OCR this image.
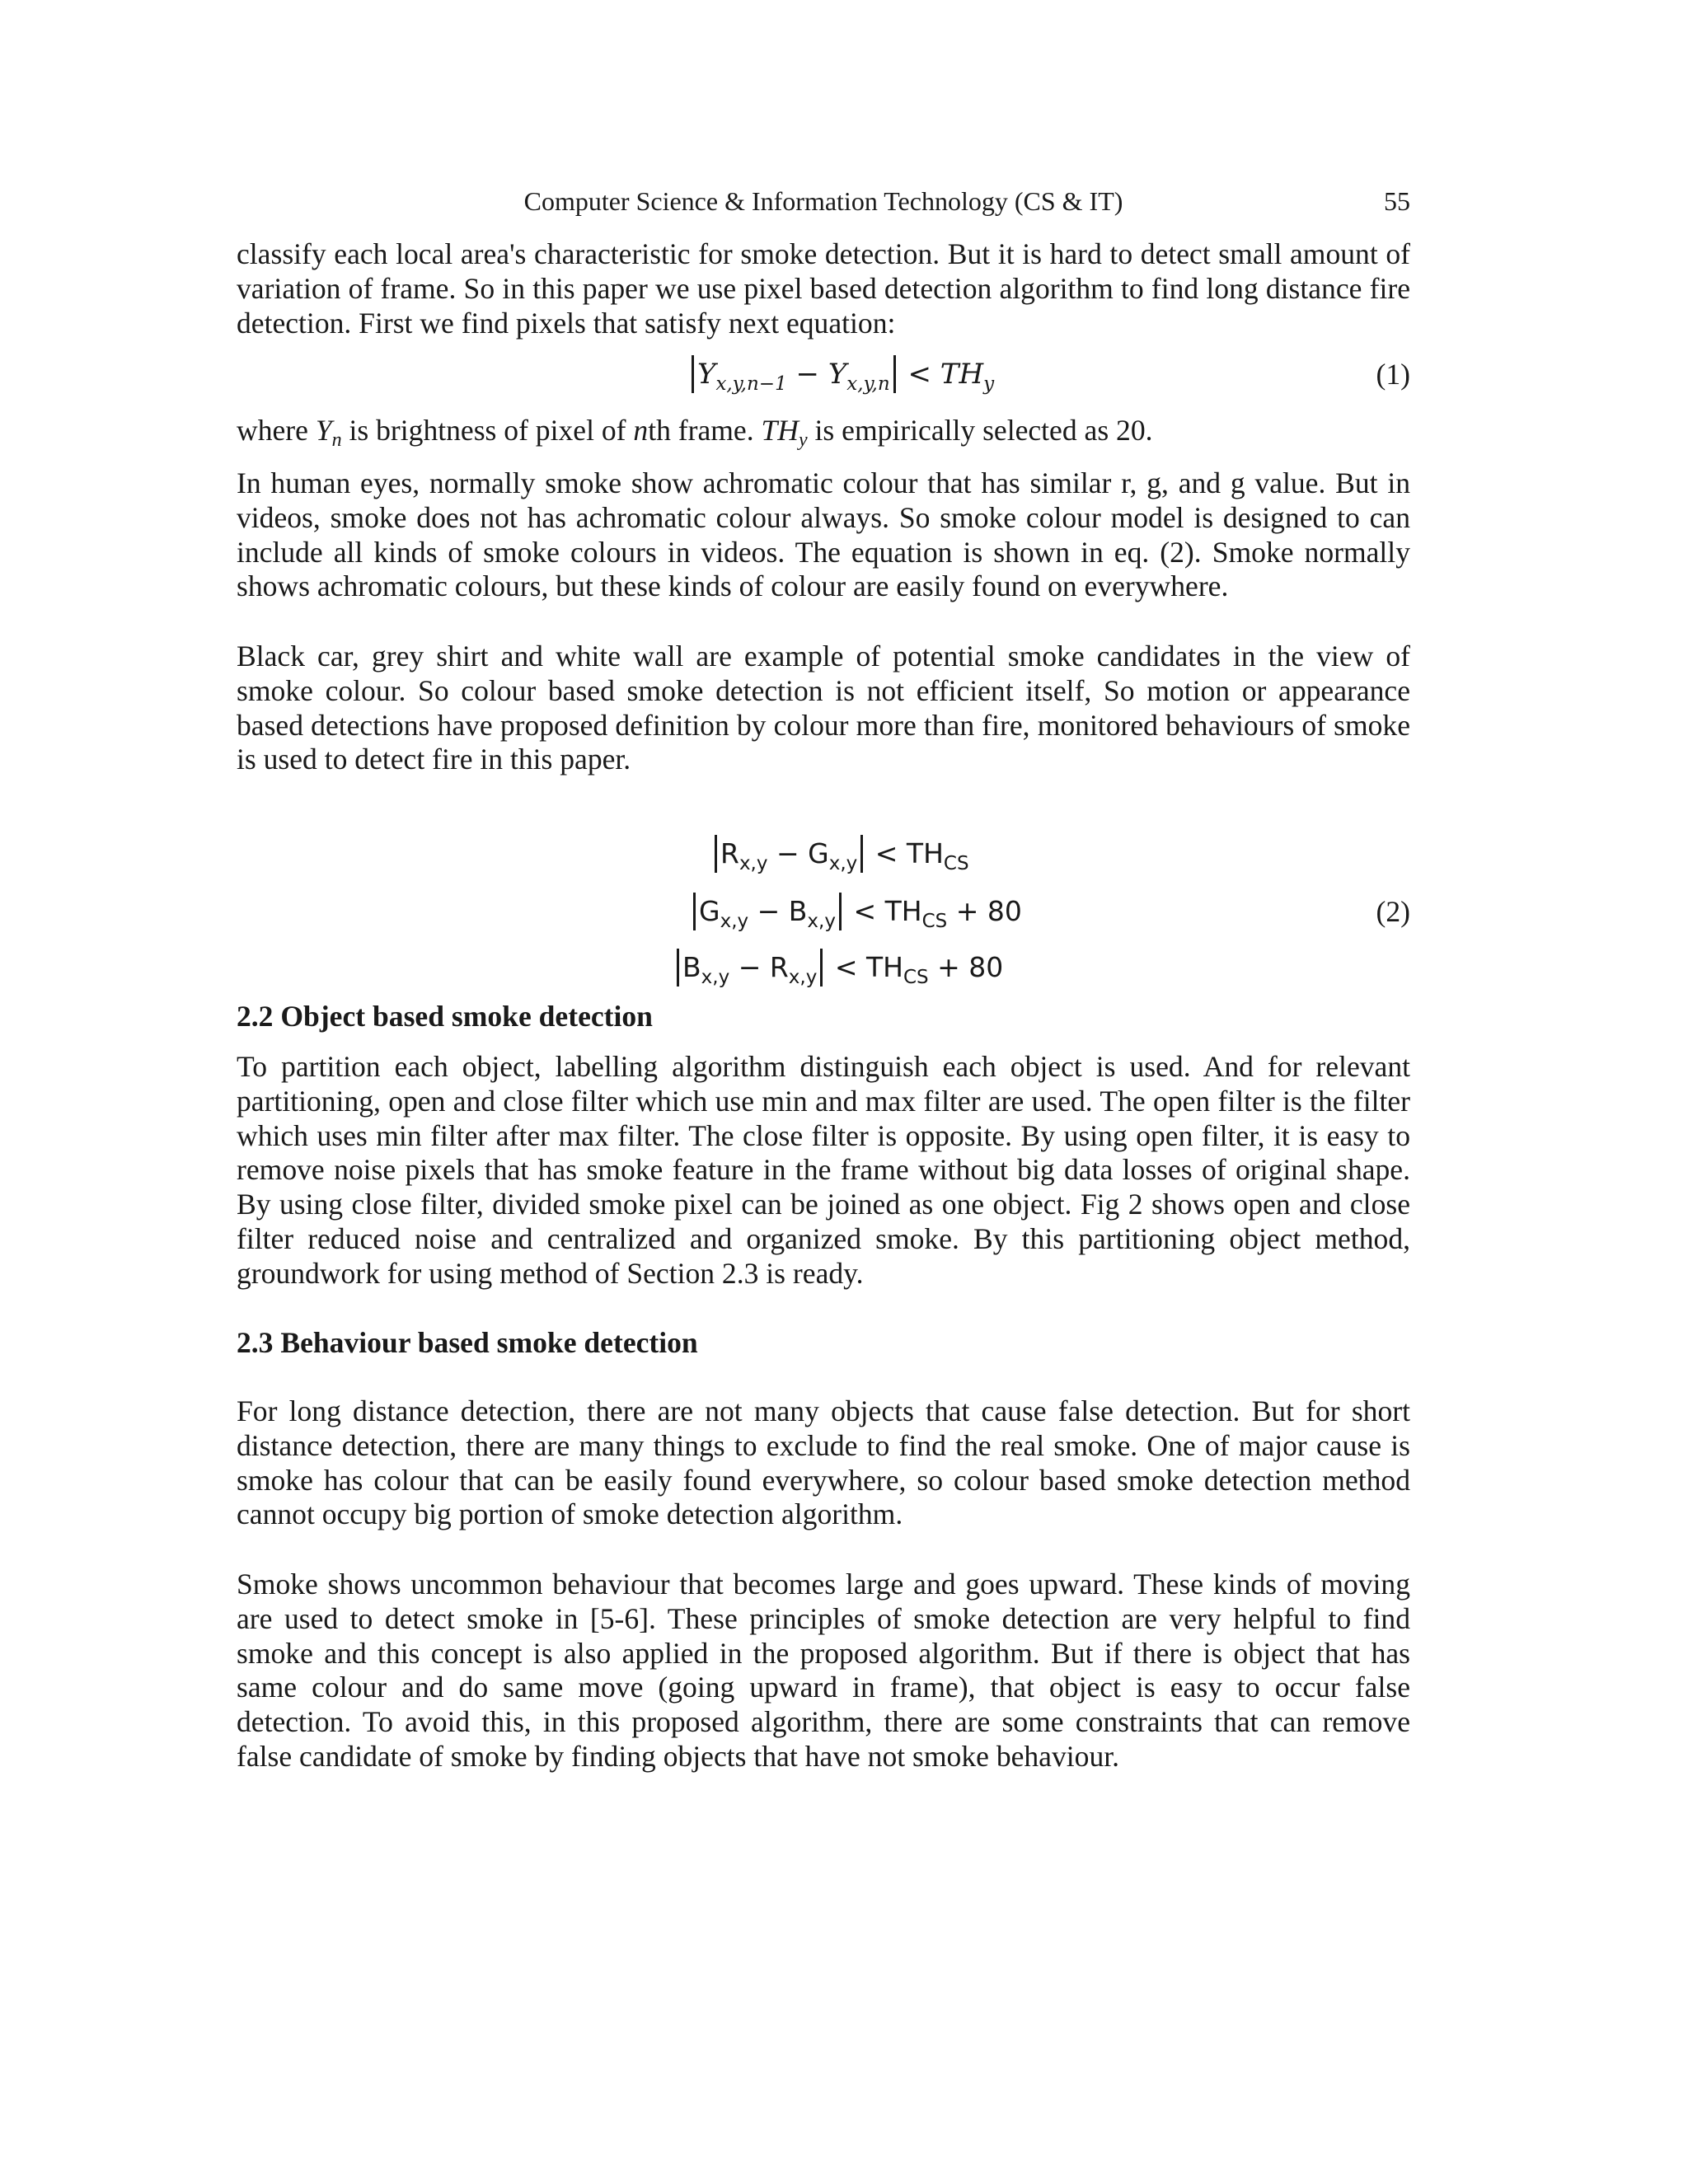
Computer Science & Information Technology (CS & IT)	55

classify each local area's characteristic for smoke detection. But it is hard to detect small amount of variation of frame. So in this paper we use pixel based detection algorithm to find long distance fire detection. First we find pixels that satisfy next equation:

$Y_{x,y,n-1} - Y_{x,y,n} < TH_y$	(1)

where Yn is brightness of pixel of nth frame. THy is empirically selected as 20.

In human eyes, normally smoke show achromatic colour that has similar r, g, and g value. But in videos, smoke does not has achromatic colour always. So smoke colour model is designed to can include all kinds of smoke colours in videos. The equation is shown in eq. (2). Smoke normally shows achromatic colours, but these kinds of colour are easily found on everywhere.

Black car, grey shirt and white wall are example of potential smoke candidates in the view of smoke colour. So colour based smoke detection is not efficient itself, So motion or appearance based detections have proposed definition by colour more than fire, monitored behaviours of smoke is used to detect fire in this paper.

$R_{x,y} - G_{x,y} < TH_{CS}$
$G_{x,y} - B_{x,y} < TH_{CS} + 80$	(2)
$B_{x,y} - R_{x,y} < TH_{CS} + 80$
2.2 Object based smoke detection

To partition each object, labelling algorithm distinguish each object is used. And for relevant partitioning, open and close filter which use min and max filter are used. The open filter is the filter which uses min filter after max filter. The close filter is opposite. By using open filter, it is easy to remove noise pixels that has smoke feature in the frame without big data losses of original shape. By using close filter, divided smoke pixel can be joined as one object. Fig 2 shows open and close filter reduced noise and centralized and organized smoke. By this partitioning object method, groundwork for using method of Section 2.3 is ready.

2.3 Behaviour based smoke detection

For long distance detection, there are not many objects that cause false detection. But for short distance detection, there are many things to exclude to find the real smoke. One of major cause is smoke has colour that can be easily found everywhere, so colour based smoke detection method cannot occupy big portion of smoke detection algorithm.

Smoke shows uncommon behaviour that becomes large and goes upward. These kinds of moving are used to detect smoke in [5-6]. These principles of smoke detection are very helpful to find smoke and this concept is also applied in the proposed algorithm. But if there is object that has same colour and do same move (going upward in frame), that object is easy to occur false detection. To avoid this, in this proposed algorithm, there are some constraints that can remove false candidate of smoke by finding objects that have not smoke behaviour.
